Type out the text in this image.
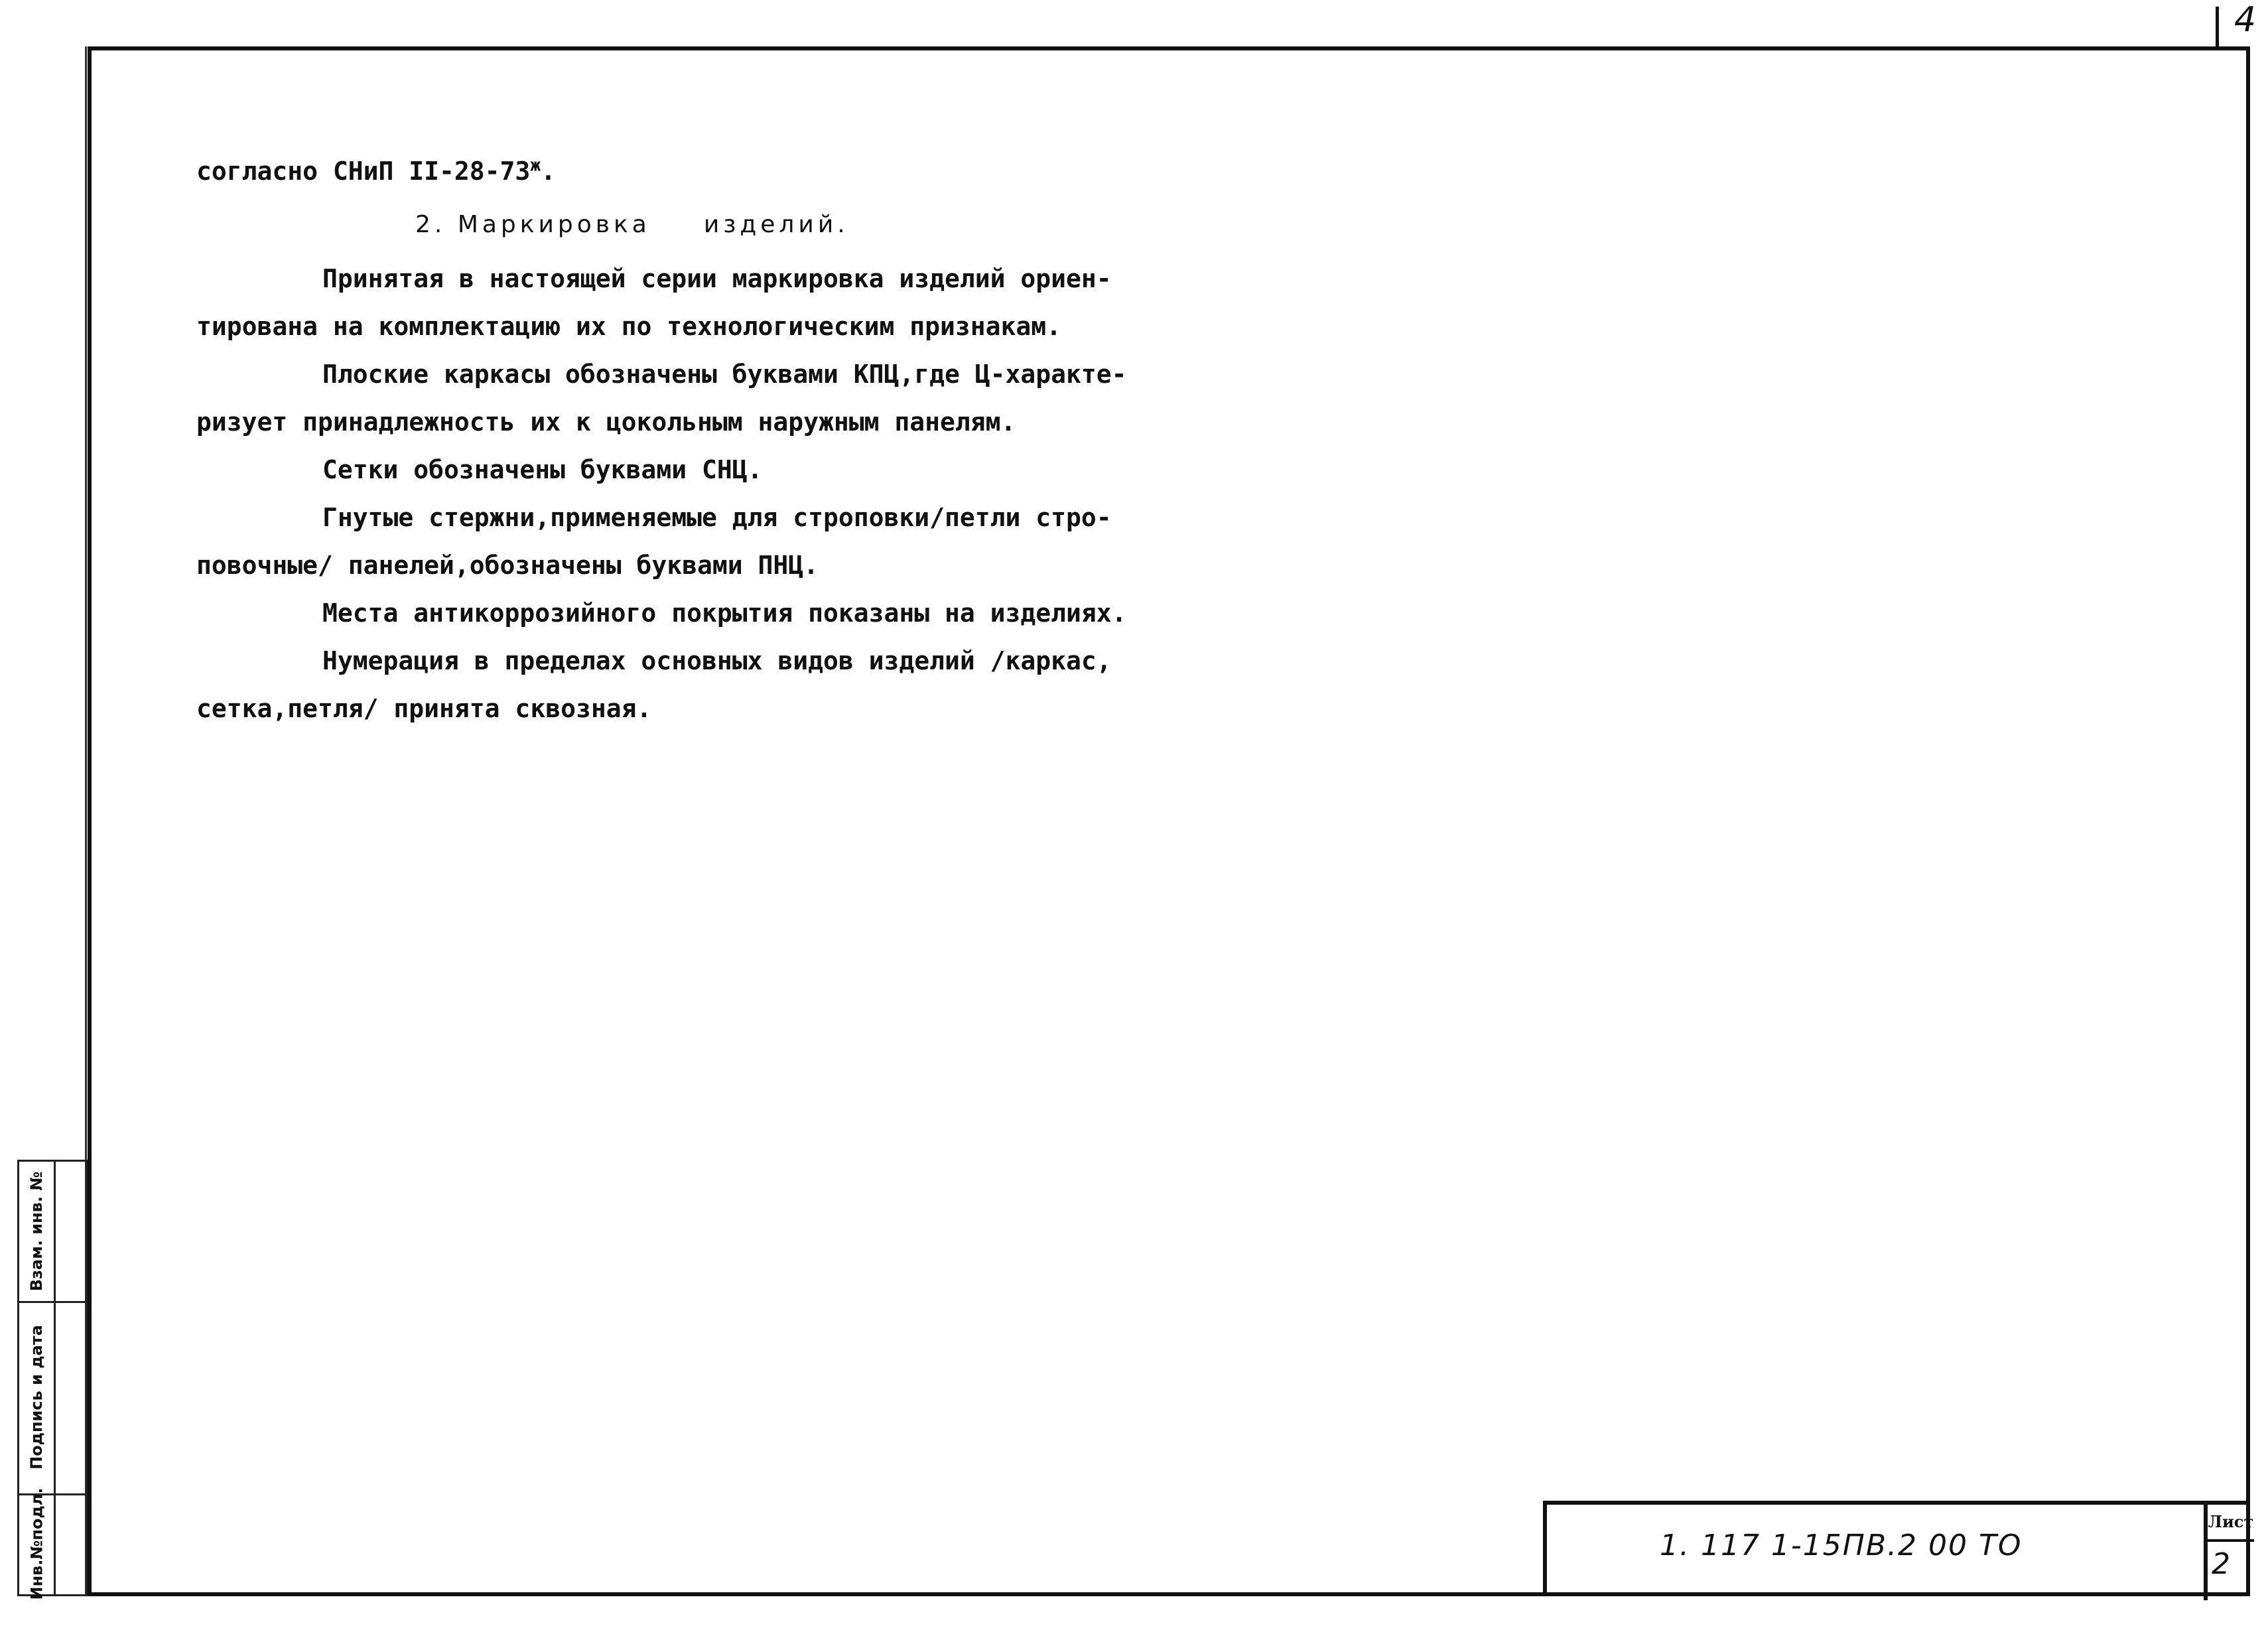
4
согласно СНиП $II-28-73^ж$.
2. Маркировка изделий.
Принятая в настоящей серии маркировка изделий ориен-
тирована на комплектацию их по технологическим признакам.
Плоские каркасы обозначены буквами КПЦ,где Ц-характе-
ризует принадлежность их к цокольным наружным панелям.
Сетки обозначены буквами СНЦ.
Гнутые стержни,применяемые для строповки/петли стро-
повочные/ панелей,обозначены буквами ПНЦ.
Места антикоррозийного покрытия показаны на изделиях.
Нумерация в пределах основных видов изделий /каркас,
сетка,петля/ принята сквозная.
Взам. инв. №
Подпись и дата
Инв.№подл.	1. 117 1-15ПВ.2 00 ТО
Лист
2
